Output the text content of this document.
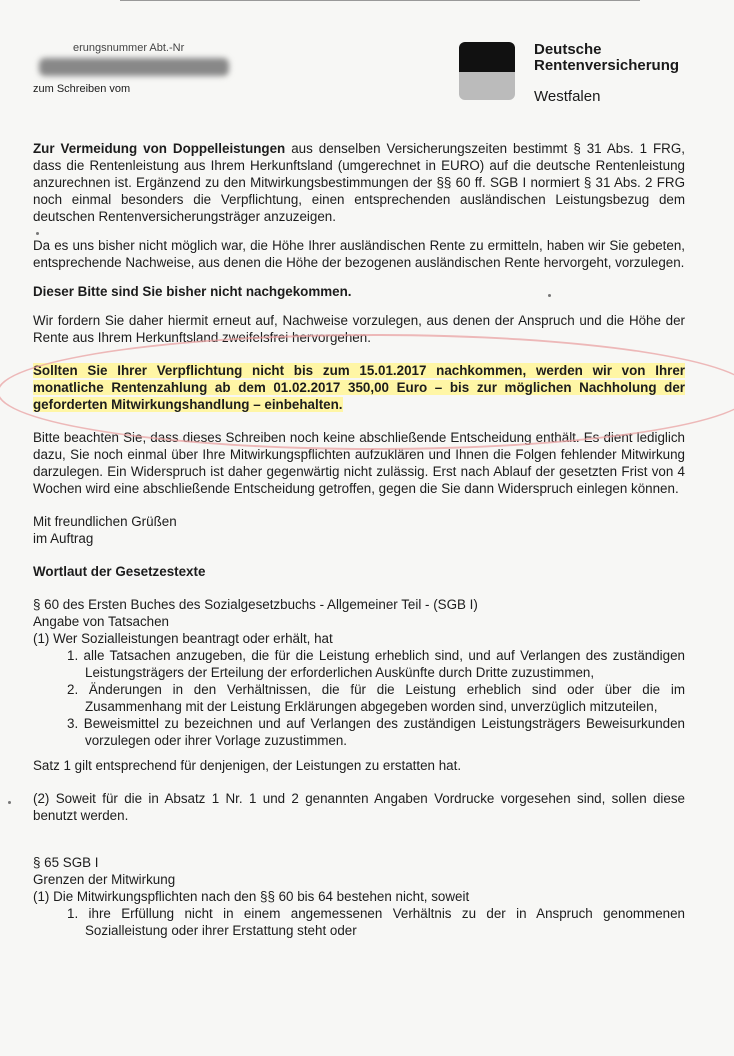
erungsnummer Abt.-Nr
zum Schreiben vom
Deutsche
Rentenversicherung
Westfalen

Zur Vermeidung von Doppelleistungen aus denselben Versicherungszeiten bestimmt § 31 Abs. 1 FRG, dass die Rentenleistung aus Ihrem Herkunftsland (umgerechnet in EURO) auf die deutsche Rentenleistung anzurechnen ist. Ergänzend zu den Mitwirkungsbestimmungen der §§ 60 ff. SGB I normiert § 31 Abs. 2 FRG noch einmal besonders die Verpflichtung, einen entsprechenden ausländischen Leistungsbezug dem deutschen Rentenversicherungsträger anzuzeigen.

Da es uns bisher nicht möglich war, die Höhe Ihrer ausländischen Rente zu ermitteln, haben wir Sie gebeten, entsprechende Nachweise, aus denen die Höhe der bezogenen ausländischen Rente hervorgeht, vorzulegen.

Dieser Bitte sind Sie bisher nicht nachgekommen.

Wir fordern Sie daher hiermit erneut auf, Nachweise vorzulegen, aus denen der Anspruch und die Höhe der Rente aus Ihrem Herkunftsland zweifelsfrei hervorgehen.

Sollten Sie Ihrer Verpflichtung nicht bis zum 15.01.2017 nachkommen, werden wir von Ihrer monatliche Rentenzahlung ab dem 01.02.2017 350,00 Euro – bis zur möglichen Nachholung der geforderten Mitwirkungshandlung – einbehalten.

Bitte beachten Sie, dass dieses Schreiben noch keine abschließende Entscheidung enthält. Es dient lediglich dazu, Sie noch einmal über Ihre Mitwirkungspflichten aufzuklären und Ihnen die Folgen fehlender Mitwirkung darzulegen. Ein Widerspruch ist daher gegenwärtig nicht zulässig. Erst nach Ablauf der gesetzten Frist von 4 Wochen wird eine abschließende Entscheidung getroffen, gegen die Sie dann Widerspruch einlegen können.

Mit freundlichen Grüßen
im Auftrag
Wortlaut der Gesetzestexte
§ 60 des Ersten Buches des Sozialgesetzbuchs - Allgemeiner Teil - (SGB I)
Angabe von Tatsachen
(1) Wer Sozialleistungen beantragt oder erhält, hat

1. alle Tatsachen anzugeben, die für die Leistung erheblich sind, und auf Verlangen des zuständigen Leistungsträgers der Erteilung der erforderlichen Auskünfte durch Dritte zuzustimmen,

2. Änderungen in den Verhältnissen, die für die Leistung erheblich sind oder über die im Zusammenhang mit der Leistung Erklärungen abgegeben worden sind, unverzüglich mitzuteilen,

3. Beweismittel zu bezeichnen und auf Verlangen des zuständigen Leistungsträgers Beweisurkunden vorzulegen oder ihrer Vorlage zuzustimmen.

Satz 1 gilt entsprechend für denjenigen, der Leistungen zu erstatten hat.

(2) Soweit für die in Absatz 1 Nr. 1 und 2 genannten Angaben Vordrucke vorgesehen sind, sollen diese benutzt werden.

§ 65 SGB I
Grenzen der Mitwirkung
(1) Die Mitwirkungspflichten nach den §§ 60 bis 64 bestehen nicht, soweit

1. ihre Erfüllung nicht in einem angemessenen Verhältnis zu der in Anspruch genommenen Sozialleistung oder ihrer Erstattung steht oder
